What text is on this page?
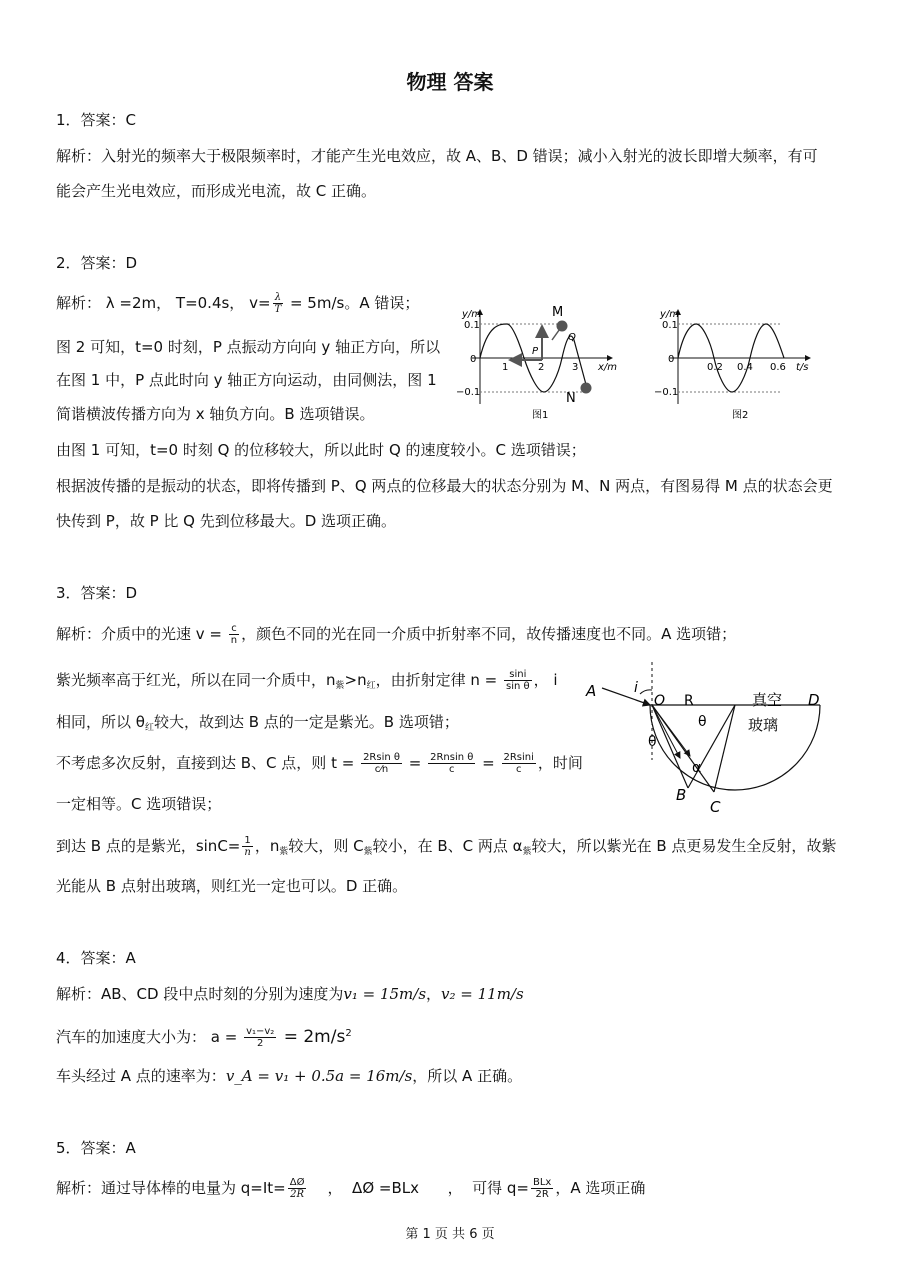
物理 答案
1．答案：C
解析：入射光的频率大于极限频率时，才能产生光电效应，故 A、B、D 错误；减小入射光的波长即增大频率，有可
能会产生光电效应，而形成光电流，故 C 正确。
2．答案：D
解析： λ =2m， T=0.4s， $v= \frac{\lambda}{T} = 5m/s$。A 错误；
图 2 可知，t=0 时刻，P 点振动方向向 y 轴正方向，所以
在图 1 中，P 点此时向 y 轴正方向运动，由同侧法，图 1
简谐横波传播方向为 x 轴负方向。B 选项错误。
由图 1 可知，t=0 时刻 Q 的位移较大，所以此时 Q 的速度较小。C 选项错误；
根据波传播的是振动的状态，即将传播到 P、Q 两点的位移最大的状态分别为 M、N 两点，有图易得 M 点的状态会更
快传到 P，故 P 比 Q 先到位移最大。D 选项正确。
y/m
0.1
−0.1
0
1	2	3 x/m
M
N
Q
P
图1
y/m
0.1
−0.1
0
0.2 0.4 0.6 t/s
图2
3．答案：D
解析：介质中的光速 $v = \frac{c}{n}$ ，颜色不同的光在同一介质中折射率不同，故传播速度也不同。A 选项错；
紫光频率高于红光，所以在同一介质中，$n_紫>n_红$，由折射定律 $n = \frac{\sin i}{\text{sin θ}}$ ， i
相同，所以 $\theta_红$较大，故到达 B 点的一定是紫光。B 选项错；
不考虑多次反射，直接到达 B、C 点，则 $t = \frac{\text{2Rsin θ}}{c⁄n} = \frac{\text{2Rnsin θ}}{c} = \frac{2Rsini}{c}$ ，时间
一定相等。C 选项错误；
到达 B 点的是紫光，$\sin C= \frac{1}{n}$ ，$n_紫$较大，则 $C_紫$较小，在 B、C 两点 $\alpha_紫$较大，所以紫光在 B 点更易发生全反射，故紫
光能从 B 点射出玻璃，则红光一定也可以。D 正确。
A	i
O R	真空
玻璃
D
θ
θ
α
B
C
4．答案：A
解析：AB、CD 段中点时刻的分别为速度为v₁ = 15m/s，v₂ = 11m/s
汽车的加速度大小为： $a = \frac{\text{v₁−v₂}}{2} = 2m/s^2$
车头经过 A 点的速率为：v_A = v₁ + 0.5a = 16m/s，所以 A 正确。
5．答案：A
解析：通过导体棒的电量为 $q=It= \frac{\Delta Ø}{2R}$ ，  ΔØ =BLx      ，  可得 $q= \frac{\text{BLx}}{2R}$ ，A 选项正确
第 1 页 共 6 页
